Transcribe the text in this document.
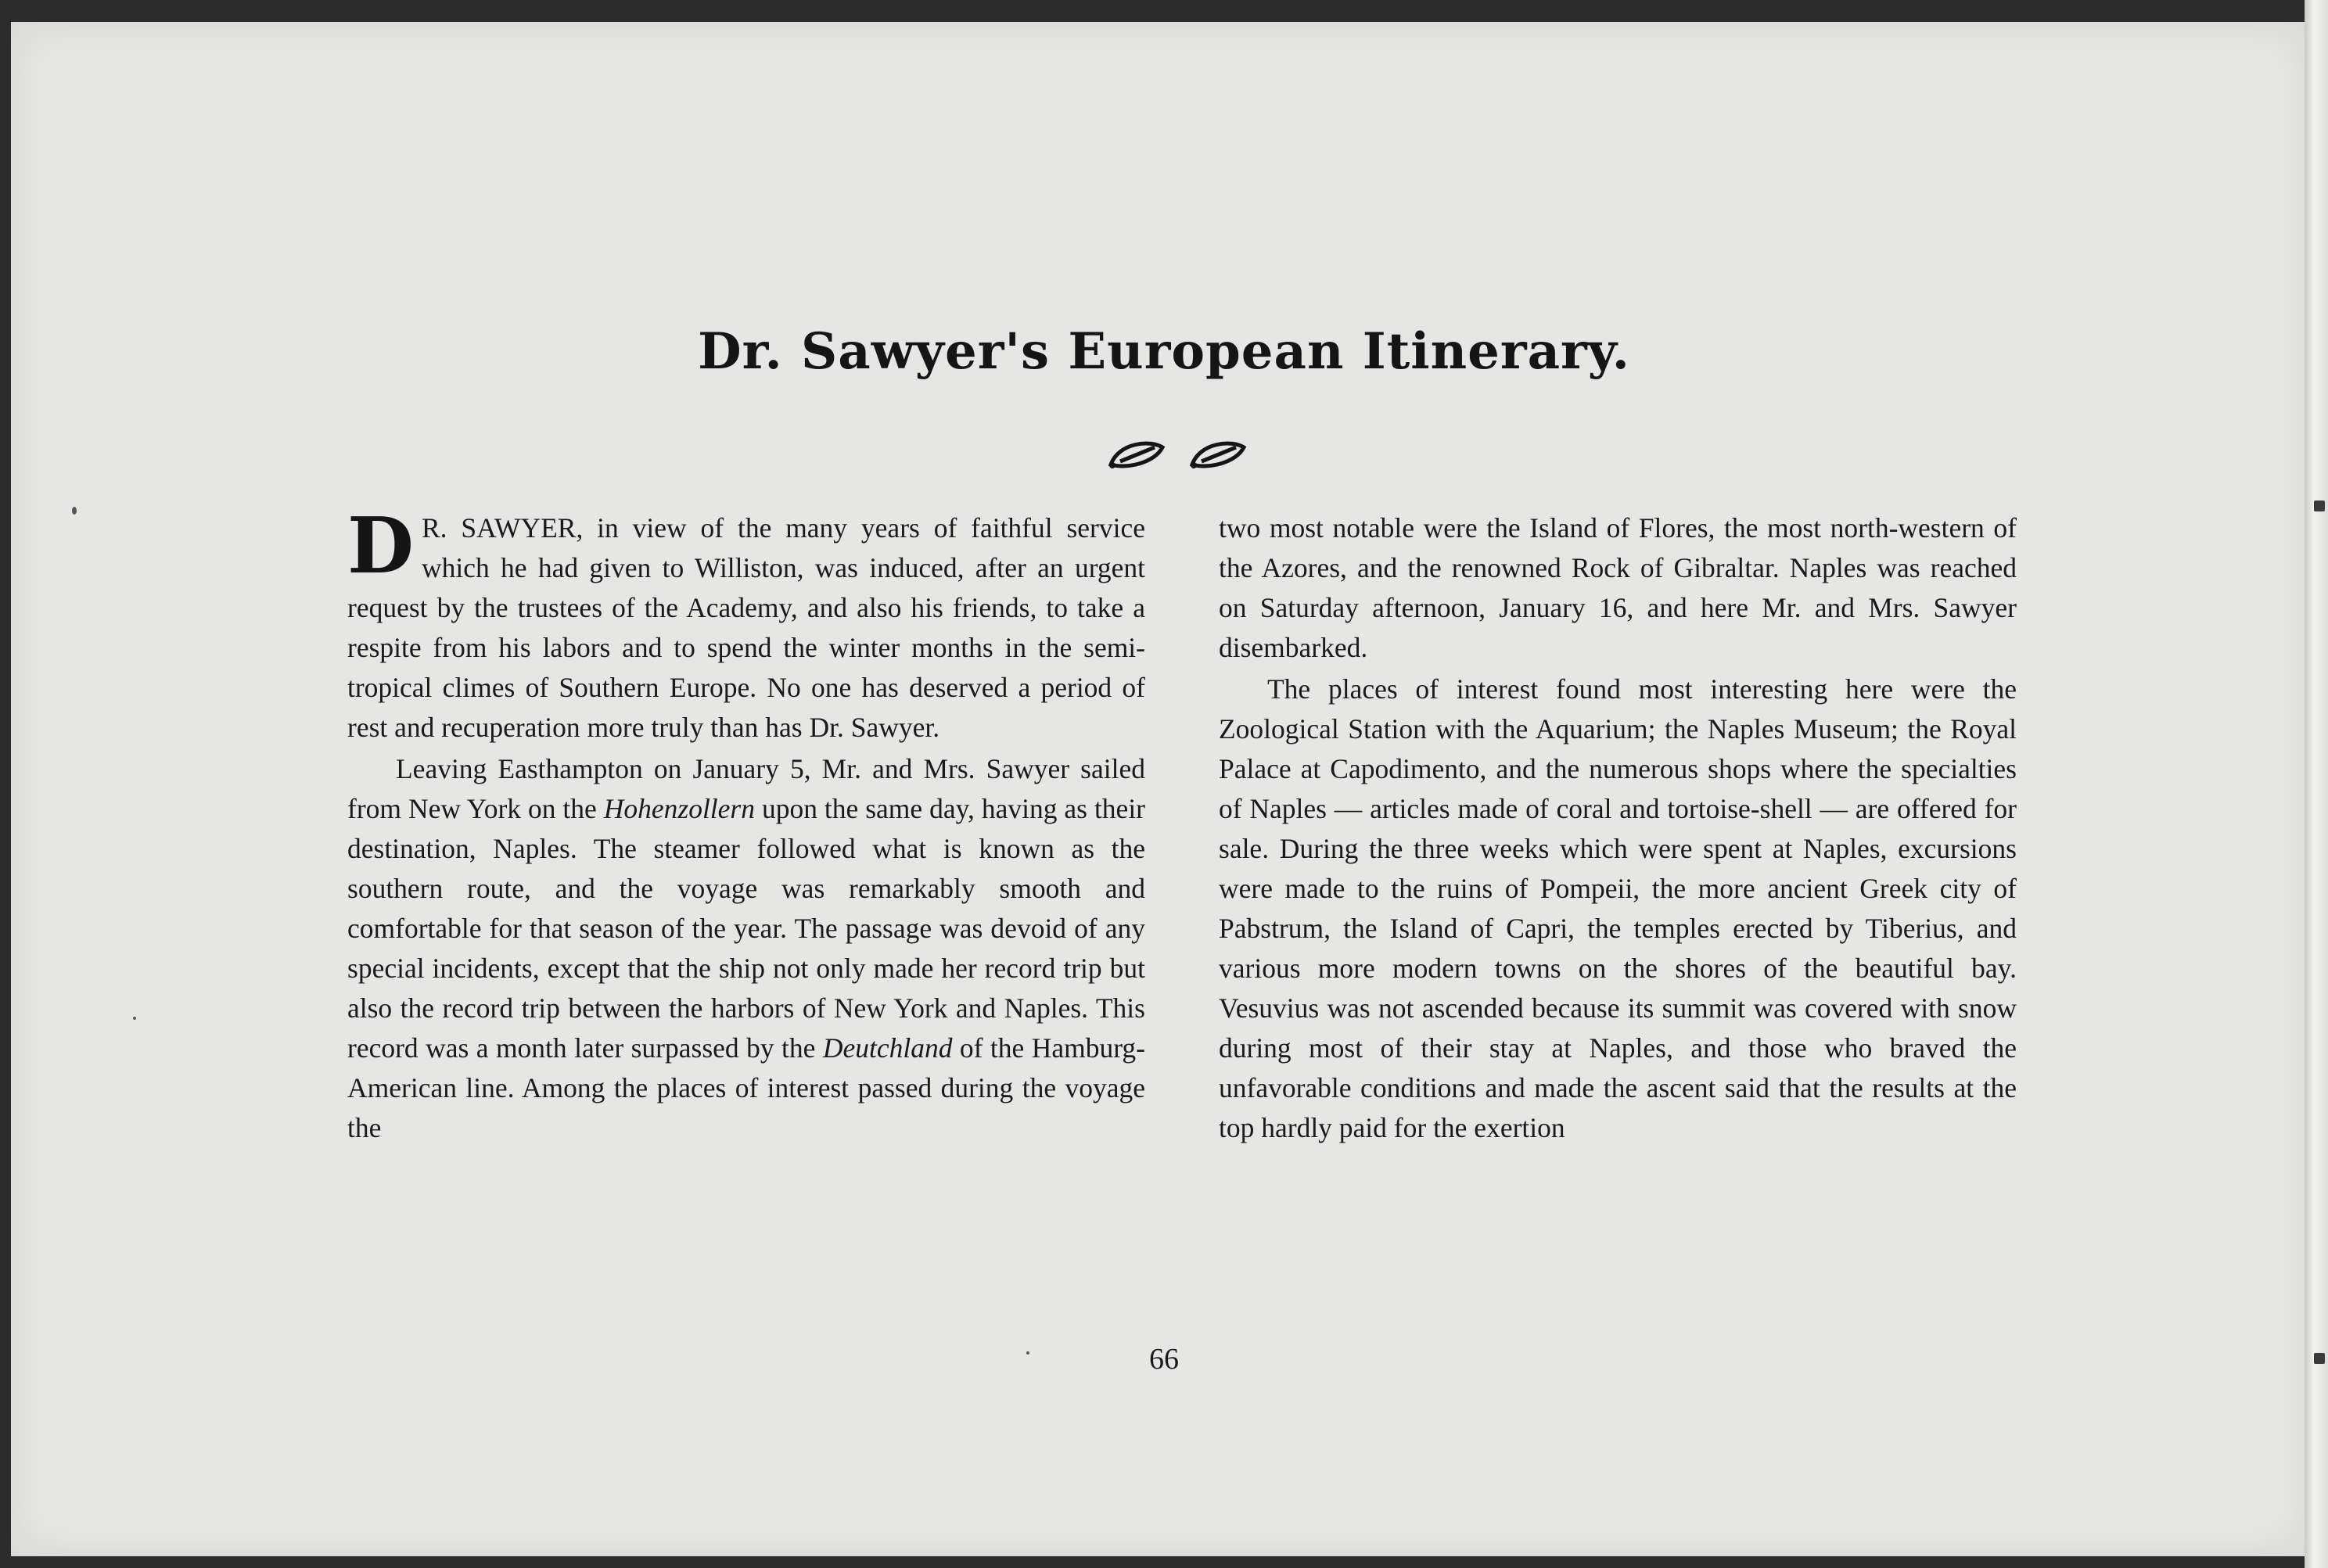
Dr. Sawyer's European Itinerary.

D R. SAWYER, in view of the many years of faithful service which he had given to Williston, was induced, after an urgent request by the trustees of the Academy, and also his friends, to take a respite from his labors and to spend the winter months in the semi-tropical climes of Southern Europe. No one has deserved a period of rest and recuperation more truly than has Dr. Sawyer.

Leaving Easthampton on January 5, Mr. and Mrs. Sawyer sailed from New York on the Hohenzollern upon the same day, having as their destination, Naples. The steamer followed what is known as the southern route, and the voyage was remarkably smooth and comfortable for that season of the year. The passage was devoid of any special incidents, except that the ship not only made her record trip but also the record trip between the harbors of New York and Naples. This record was a month later surpassed by the Deutchland of the Hamburg-American line. Among the places of interest passed during the voyage the

two most notable were the Island of Flores, the most north-western of the Azores, and the renowned Rock of Gibraltar. Naples was reached on Saturday afternoon, January 16, and here Mr. and Mrs. Sawyer disembarked.

The places of interest found most interesting here were the Zoological Station with the Aquarium; the Naples Museum; the Royal Palace at Capodimento, and the numerous shops where the specialties of Naples — articles made of coral and tortoise-shell — are offered for sale. During the three weeks which were spent at Naples, excursions were made to the ruins of Pompeii, the more ancient Greek city of Pabstrum, the Island of Capri, the temples erected by Tiberius, and various more modern towns on the shores of the beautiful bay. Vesuvius was not ascended because its summit was covered with snow during most of their stay at Naples, and those who braved the unfavorable conditions and made the ascent said that the results at the top hardly paid for the exertion

66
